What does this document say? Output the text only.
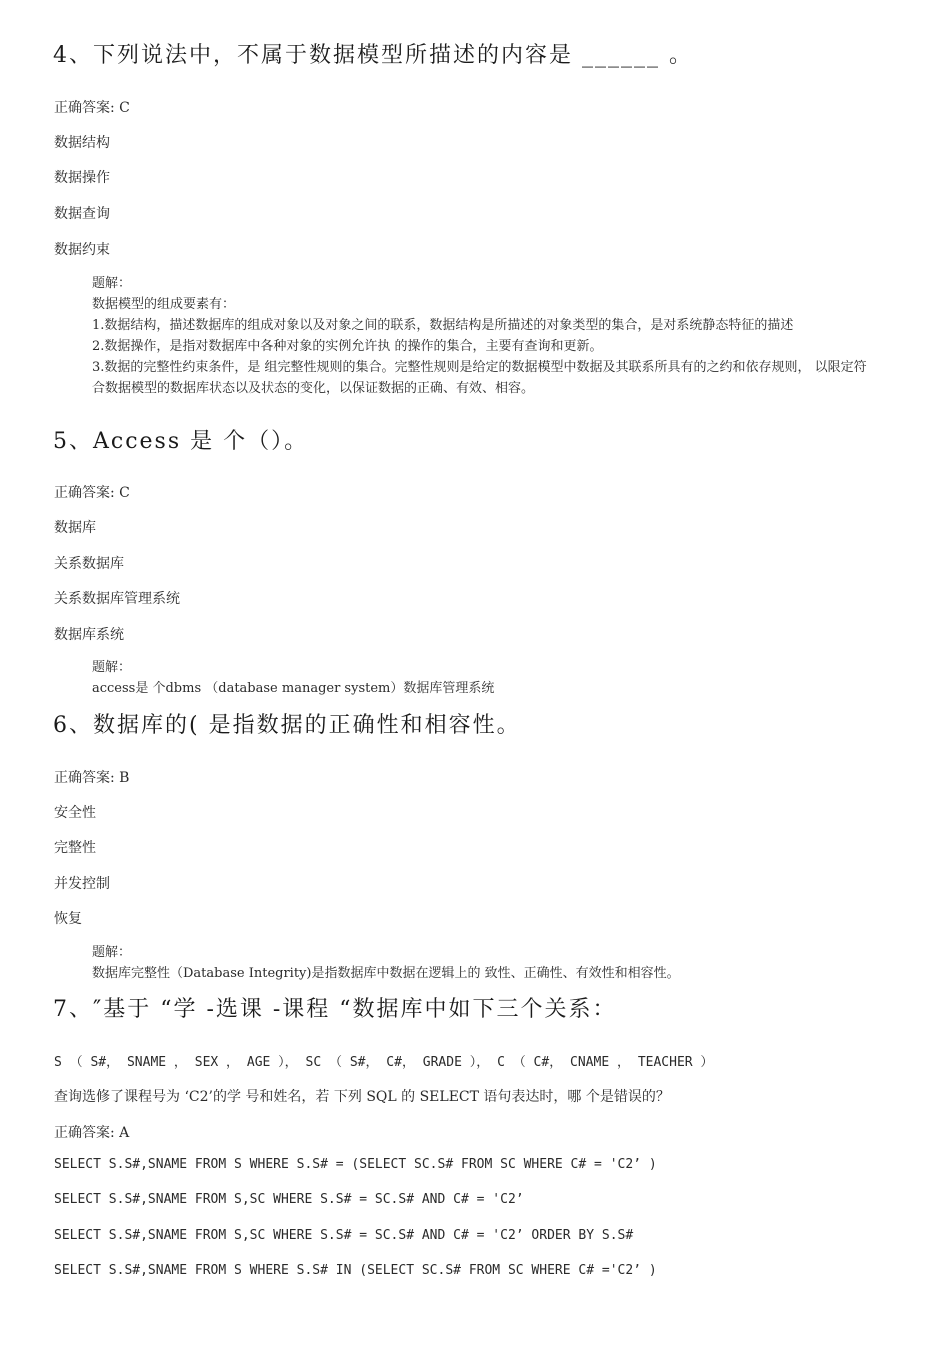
4、下列说法中，不属于数据模型所描述的内容是 ______ 。

正确答案: C

数据结构

数据操作

数据查询

数据约束

题解：

数据模型的组成要素有：

1.数据结构，描述数据库的组成对象以及对象之间的联系，数据结构是所描述的对象类型的集合，是对系统静态特征的描述

2.数据操作，是指对数据库中各种对象的实例允许执 的操作的集合，主要有查询和更新。

3.数据的完整性约束条件，是 组完整性规则的集合。完整性规则是给定的数据模型中数据及其联系所具有的之约和依存规则， 以限定符合数据模型的数据库状态以及状态的变化，以保证数据的正确、有效、相容。

5、Access 是 个（）。

正确答案: C

数据库

关系数据库

关系数据库管理系统

数据库系统

题解：

access是 个dbms （database manager system）数据库管理系统

6、数据库的( 是指数据的正确性和相容性。

正确答案: B

安全性

完整性

并发控制

恢复

题解：

数据库完整性（Database Integrity)是指数据库中数据在逻辑上的 致性、正确性、有效性和相容性。

7、″基于 “学 -选课 -课程 “数据库中如下三个关系：

S （ S#， SNAME ， SEX ， AGE ）， SC （ S#， C#， GRADE ）， C （ C#， CNAME ， TEACHER ）

查询选修了课程号为 ‘C2’的学 号和姓名，若 下列 SQL 的 SELECT 语句表达时，哪 个是错误的？

正确答案: A

SELECT S.S#,SNAME FROM S WHERE S.S# = (SELECT SC.S# FROM SC WHERE C# = 'C2’ )

SELECT S.S#,SNAME FROM S,SC WHERE S.S# = SC.S# AND C# = 'C2’

SELECT S.S#,SNAME FROM S,SC WHERE S.S# = SC.S# AND C# = 'C2’ ORDER BY S.S#

SELECT S.S#,SNAME FROM S WHERE S.S# IN (SELECT SC.S# FROM SC WHERE C# ='C2’ )
